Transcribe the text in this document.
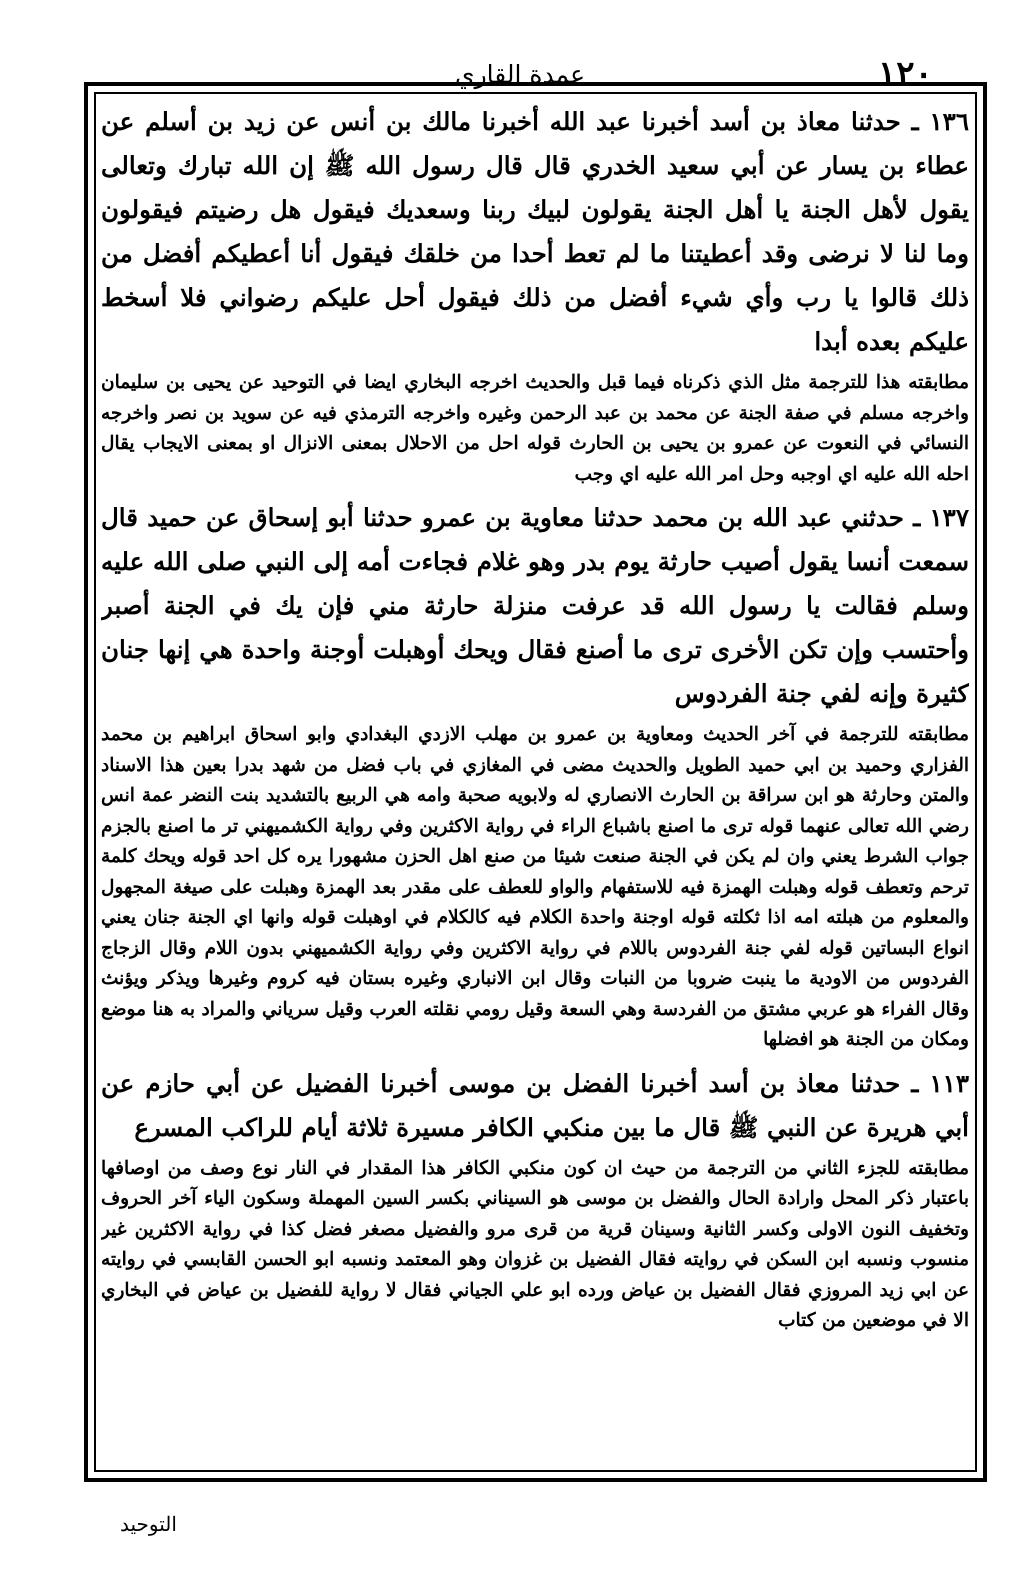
عمدة القاري	١٢٠

١٣٦ ـ حدثنا معاذ بن أسد أخبرنا عبد الله أخبرنا مالك بن أنس عن زيد بن أسلم عن عطاء بن يسار عن أبي سعيد الخدري قال قال رسول الله ﷺ إن الله تبارك وتعالى يقول لأهل الجنة يا أهل الجنة يقولون لبيك ربنا وسعديك فيقول هل رضيتم فيقولون وما لنا لا نرضى وقد أعطيتنا ما لم تعط أحدا من خلقك فيقول أنا أعطيكم أفضل من ذلك قالوا يا رب وأي شيء أفضل من ذلك فيقول أحل عليكم رضواني فلا أسخط عليكم بعده أبدا

مطابقته هذا للترجمة مثل الذي ذكرناه فيما قبل والحديث اخرجه البخاري ايضا في التوحيد عن يحيى بن سليمان واخرجه مسلم في صفة الجنة عن محمد بن عبد الرحمن وغيره واخرجه الترمذي فيه عن سويد بن نصر واخرجه النسائي في النعوت عن عمرو بن يحيى بن الحارث قوله احل من الاحلال بمعنى الانزال او بمعنى الايجاب يقال احله الله عليه اي اوجبه وحل امر الله عليه اي وجب

١٣٧ ـ حدثني عبد الله بن محمد حدثنا معاوية بن عمرو حدثنا أبو إسحاق عن حميد قال سمعت أنسا يقول أصيب حارثة يوم بدر وهو غلام فجاءت أمه إلى النبي صلى الله عليه وسلم فقالت يا رسول الله قد عرفت منزلة حارثة مني فإن يك في الجنة أصبر وأحتسب وإن تكن الأخرى ترى ما أصنع فقال ويحك أوهبلت أوجنة واحدة هي إنها جنان كثيرة وإنه لفي جنة الفردوس

مطابقته للترجمة في آخر الحديث ومعاوية بن عمرو بن مهلب الازدي البغدادي وابو اسحاق ابراهيم بن محمد الفزاري وحميد بن ابي حميد الطويل والحديث مضى في المغازي في باب فضل من شهد بدرا بعين هذا الاسناد والمتن وحارثة هو ابن سراقة بن الحارث الانصاري له ولابويه صحبة وامه هي الربيع بالتشديد بنت النضر عمة انس رضي الله تعالى عنهما قوله ترى ما اصنع باشباع الراء في رواية الاكثرين وفي رواية الكشميهني تر ما اصنع بالجزم جواب الشرط يعني وان لم يكن في الجنة صنعت شيئا من صنع اهل الحزن مشهورا يره كل احد قوله ويحك كلمة ترحم وتعطف قوله وهبلت الهمزة فيه للاستفهام والواو للعطف على مقدر بعد الهمزة وهبلت على صيغة المجهول والمعلوم من هبلته امه اذا ثكلته قوله اوجنة واحدة الكلام فيه كالكلام في اوهبلت قوله وانها اي الجنة جنان يعني انواع البساتين قوله لفي جنة الفردوس باللام في رواية الاكثرين وفي رواية الكشميهني بدون اللام وقال الزجاج الفردوس من الاودية ما ينبت ضروبا من النبات وقال ابن الانباري وغيره بستان فيه كروم وغيرها ويذكر ويؤنث وقال الفراء هو عربي مشتق من الفردسة وهي السعة وقيل رومي نقلته العرب وقيل سرياني والمراد به هنا موضع ومكان من الجنة هو افضلها

١١٣ ـ حدثنا معاذ بن أسد أخبرنا الفضل بن موسى أخبرنا الفضيل عن أبي حازم عن أبي هريرة عن النبي ﷺ قال ما بين منكبي الكافر مسيرة ثلاثة أيام للراكب المسرع

مطابقته للجزء الثاني من الترجمة من حيث ان كون منكبي الكافر هذا المقدار في النار نوع وصف من اوصافها باعتبار ذكر المحل وارادة الحال والفضل بن موسى هو السيناني بكسر السين المهملة وسكون الياء آخر الحروف وتخفيف النون الاولى وكسر الثانية وسينان قرية من قرى مرو والفضيل مصغر فضل كذا في رواية الاكثرين غير منسوب ونسبه ابن السكن في روايته فقال الفضيل بن غزوان وهو المعتمد ونسبه ابو الحسن القابسي في روايته عن ابي زيد المروزي فقال الفضيل بن عياض ورده ابو علي الجياني فقال لا رواية للفضيل بن عياض في البخاري الا في موضعين من كتاب

التوحيد
